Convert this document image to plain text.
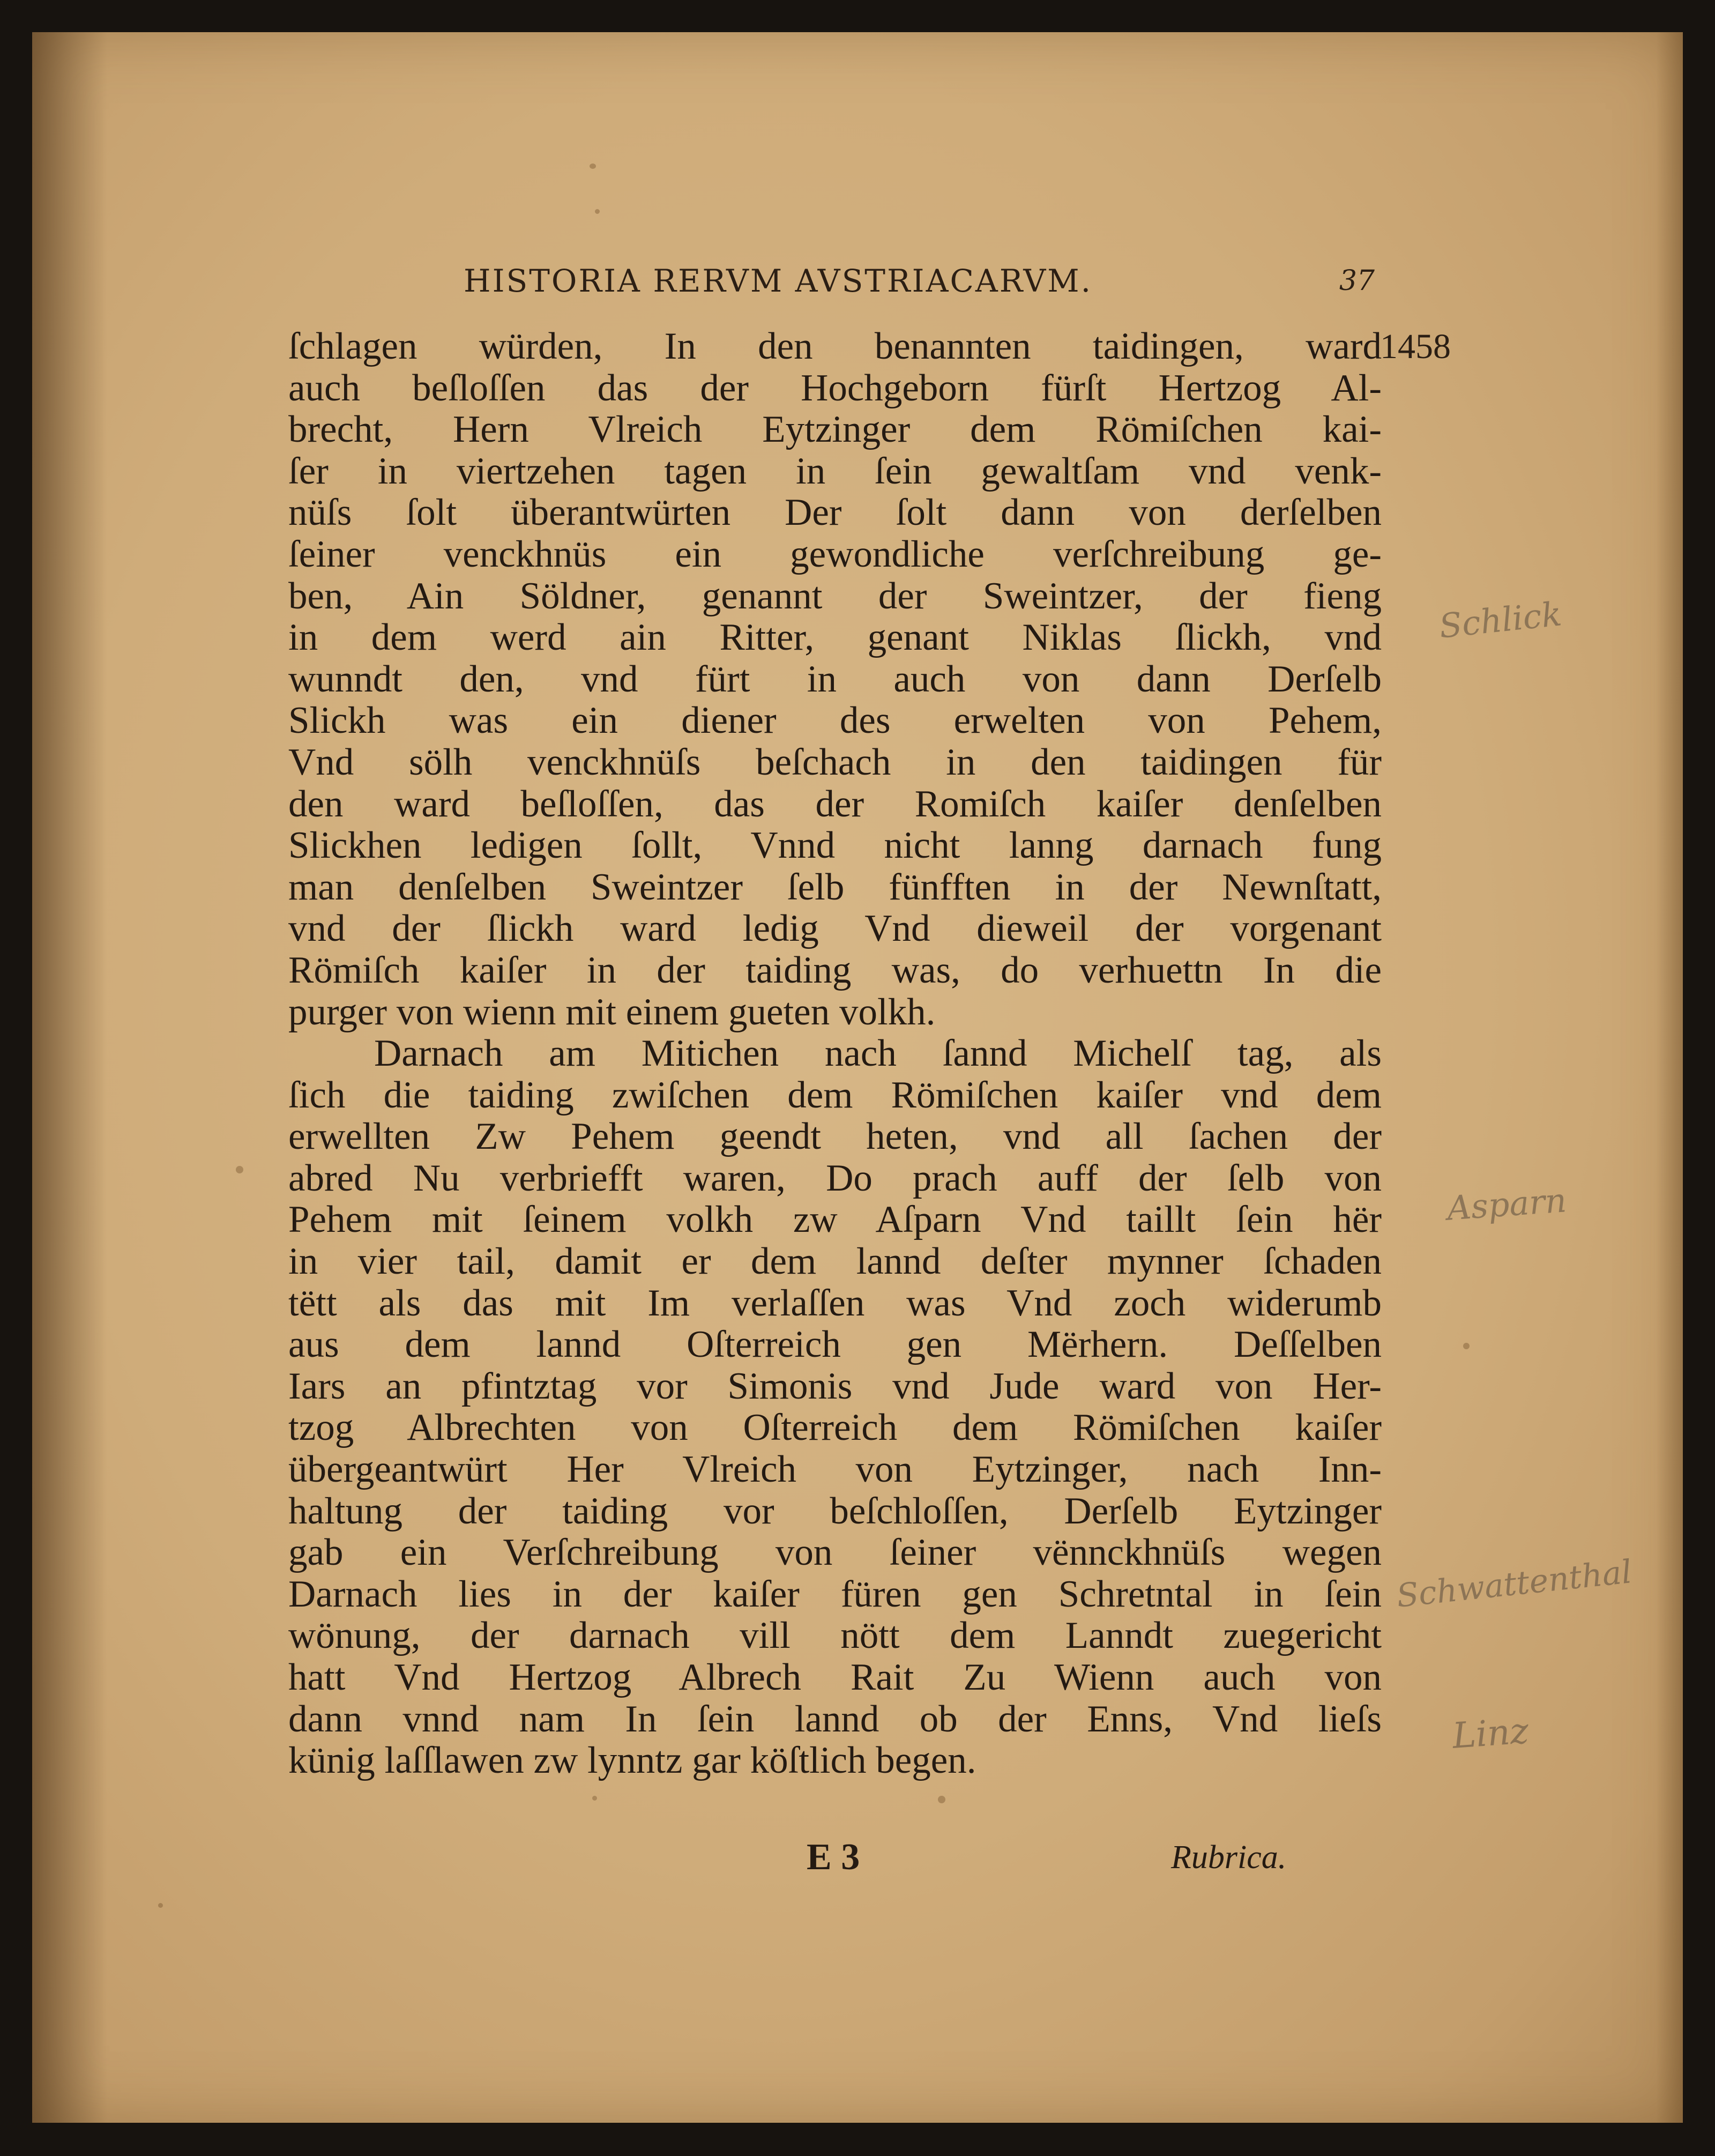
HISTORIA RERVM AVSTRIACARVM.	37
1458
ſchlagen würden, In den benannten taidingen, ward
auch beſloſſen das der Hochgeborn fürſt Hertzog Al-
brecht, Hern Vlreich Eytzinger dem Römiſchen kai-
ſer in viertzehen tagen in ſein gewaltſam vnd venk-
nüſs ſolt überantwürten Der ſolt dann von derſelben
ſeiner venckhnüs ein gewondliche verſchreibung ge-
ben, Ain Söldner, genannt der Sweintzer, der fieng
in dem werd ain Ritter, genant Niklas ſlickh, vnd
wunndt den, vnd fürt in auch von dann Derſelb
Slickh was ein diener des erwelten von Pehem,
Vnd sölh venckhnüſs beſchach in den taidingen für
den ward beſloſſen, das der Romiſch kaiſer denſelben
Slickhen ledigen ſollt, Vnnd nicht lanng darnach fung
man denſelben Sweintzer ſelb fünfften in der Newnſtatt,
vnd der ſlickh ward ledig Vnd dieweil der vorgenant
Römiſch kaiſer in der taiding was, do verhuettn In die
purger von wienn mit einem gueten volkh.
Darnach am Mitichen nach ſannd Michelſ tag, als
ſich die taiding zwiſchen dem Römiſchen kaiſer vnd dem
erwellten Zw Pehem geendt heten, vnd all ſachen der
abred Nu verbriefft waren, Do prach auff der ſelb von
Pehem mit ſeinem volkh zw Aſparn Vnd taillt ſein hër
in vier tail, damit er dem lannd deſter mynner ſchaden
tëtt als das mit Im verlaſſen was Vnd zoch widerumb
aus dem lannd Oſterreich gen Mërhern. Deſſelben
Iars an pfintztag vor Simonis vnd Jude ward von Her-
tzog Albrechten von Oſterreich dem Römiſchen kaiſer
übergeantwürt Her Vlreich von Eytzinger, nach Inn-
haltung der taiding vor beſchloſſen, Derſelb Eytzinger
gab ein Verſchreibung von ſeiner vënnckhnüſs wegen
Darnach lies in der kaiſer füren gen Schretntal in ſein
wönung, der darnach vill nött dem Lanndt zuegericht
hatt Vnd Hertzog Albrech Rait Zu Wienn auch von
dann vnnd nam In ſein lannd ob der Enns, Vnd lieſs
künig laſſlawen zw lynntz gar köſtlich begen.
E 3	Rubrica.
Schlick
Asparn
Schwattenthal
Linz
